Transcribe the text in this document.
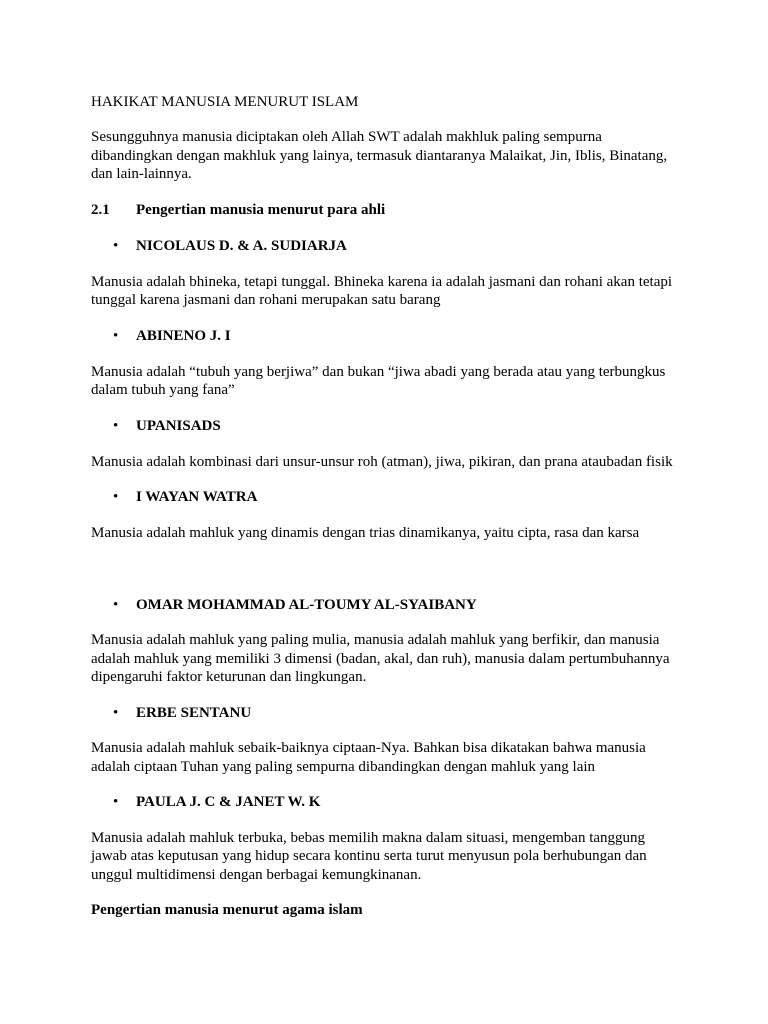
HAKIKAT MANUSIA MENURUT ISLAM
Sesungguhnya manusia diciptakan oleh Allah SWT adalah makhluk paling sempurna
dibandingkan dengan makhluk yang lainya, termasuk diantaranya Malaikat, Jin, Iblis, Binatang,
dan lain-lainnya.
2.1 Pengertian manusia menurut para ahli
• NICOLAUS D. & A. SUDIARJA
Manusia adalah bhineka, tetapi tunggal. Bhineka karena ia adalah jasmani dan rohani akan tetapi
tunggal karena jasmani dan rohani merupakan satu barang
• ABINENO J. I
Manusia adalah “tubuh yang berjiwa” dan bukan “jiwa abadi yang berada atau yang terbungkus
dalam tubuh yang fana”
• UPANISADS
Manusia adalah kombinasi dari unsur-unsur roh (atman), jiwa, pikiran, dan prana ataubadan fisik
• I WAYAN WATRA
Manusia adalah mahluk yang dinamis dengan trias dinamikanya, yaitu cipta, rasa dan karsa
• OMAR MOHAMMAD AL-TOUMY AL-SYAIBANY
Manusia adalah mahluk yang paling mulia, manusia adalah mahluk yang berfikir, dan manusia
adalah mahluk yang memiliki 3 dimensi (badan, akal, dan ruh), manusia dalam pertumbuhannya
dipengaruhi faktor keturunan dan lingkungan.
• ERBE SENTANU
Manusia adalah mahluk sebaik-baiknya ciptaan-Nya. Bahkan bisa dikatakan bahwa manusia
adalah ciptaan Tuhan yang paling sempurna dibandingkan dengan mahluk yang lain
• PAULA J. C & JANET W. K
Manusia adalah mahluk terbuka, bebas memilih makna dalam situasi, mengemban tanggung
jawab atas keputusan yang hidup secara kontinu serta turut menyusun pola berhubungan dan
unggul multidimensi dengan berbagai kemungkinanan.
Pengertian manusia menurut agama islam
